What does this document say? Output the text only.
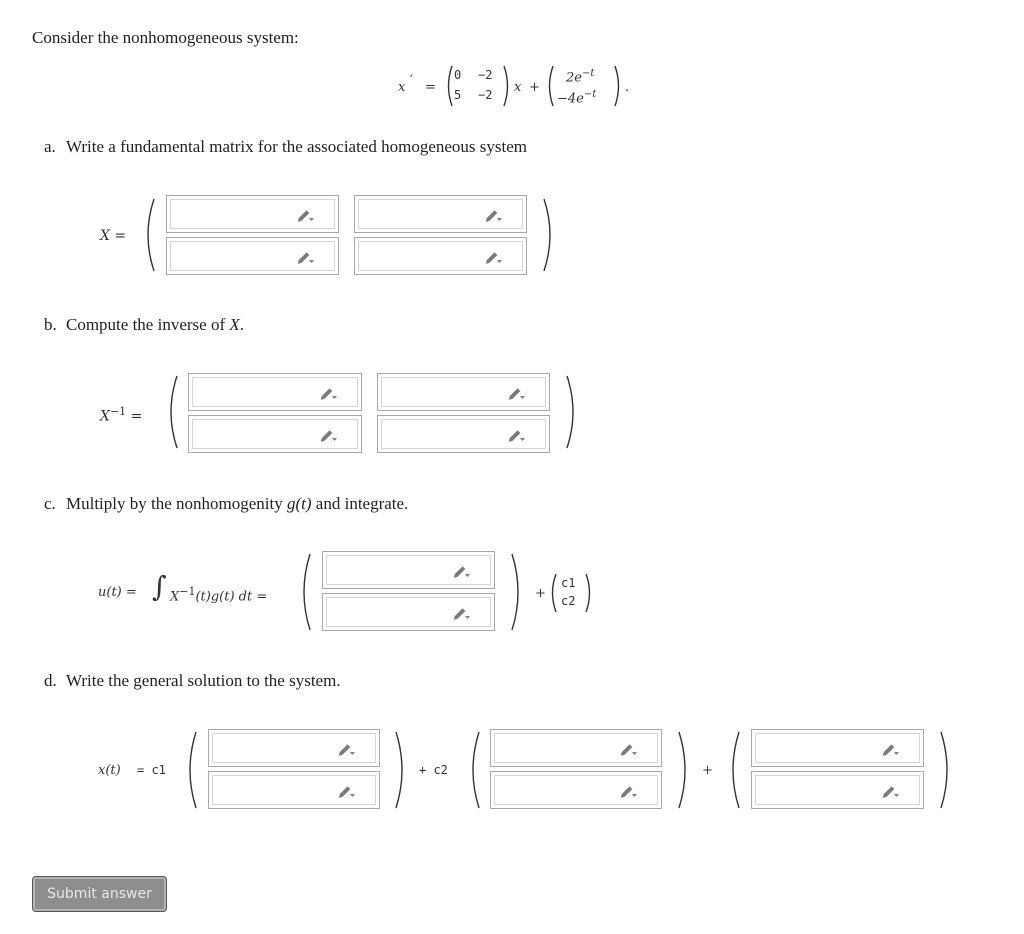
Consider the nonhomogeneous system:
x ′ =
0 −2
5 −2 x +
$2e^{-t}$
$-4e^{-t}$ .
a. Write a fundamental matrix for the associated homogeneous system
X =
b. Compute the inverse of X.
$X^{-1}$ =
c. Multiply by the nonhomogenity g(t) and integrate.
u(t) = ∫ $X^{-1}(t)g(t)$ dt =	+
c1
c2
d. Write the general solution to the system.
x(t) = c1	+ c2	+
Submit answer
